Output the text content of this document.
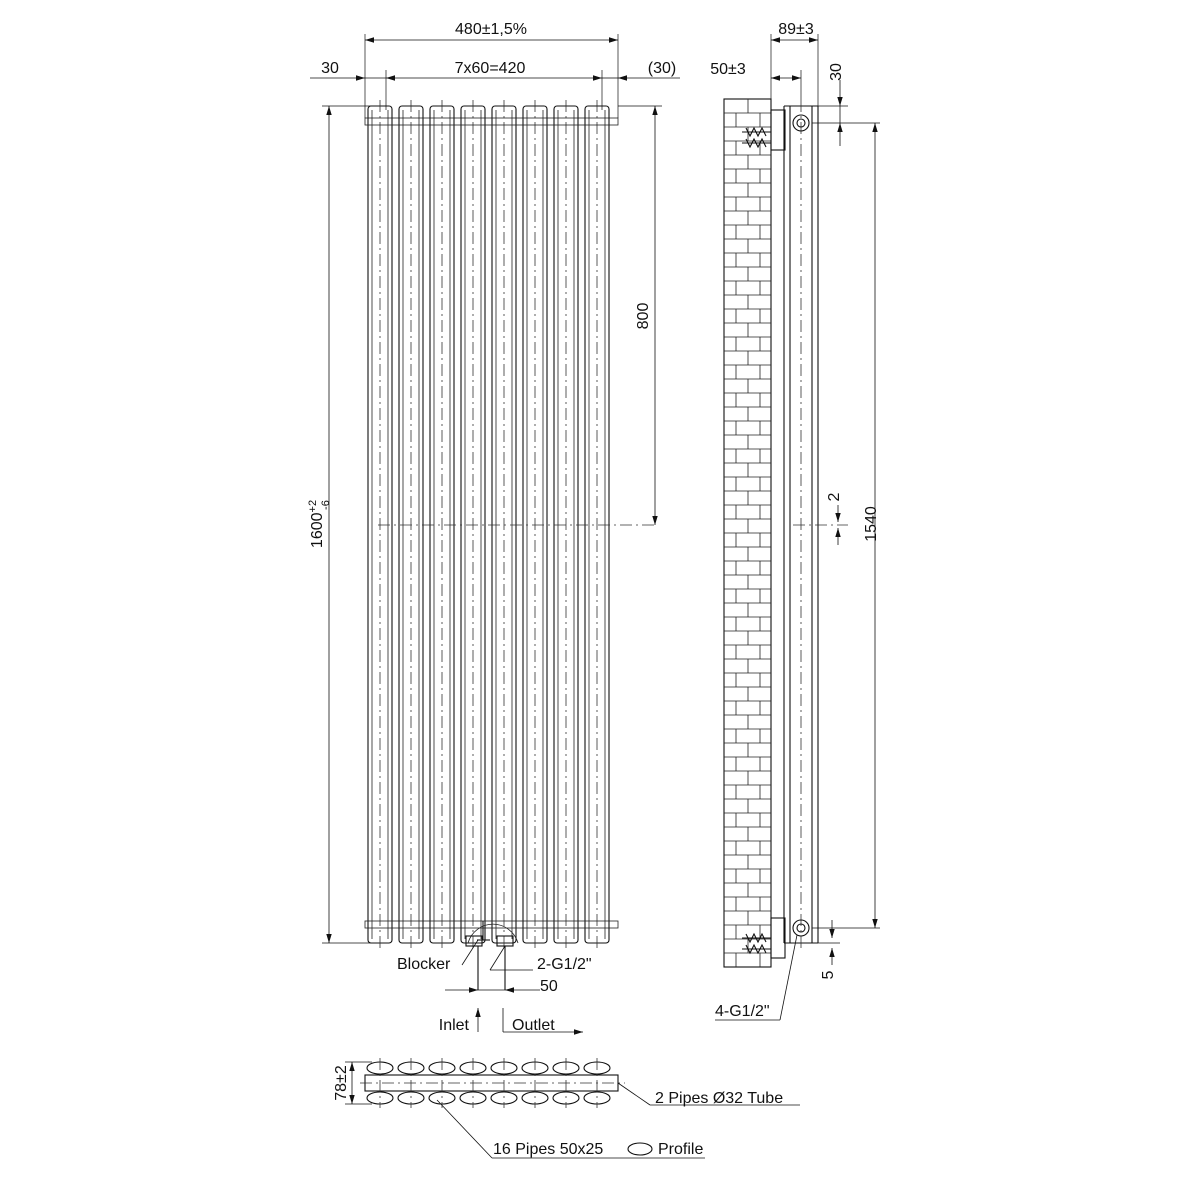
480±1,5%
30	7x60=420	(30)
$1600^{+2}-6$
800
Blocker	2-G1/2"
50
Inlet	Outlet
89±3
50±3	30
1540
2
5
4-G1/2"
78±2	2 Pipes Ø32 Tube
16 Pipes 50x25	Profile
